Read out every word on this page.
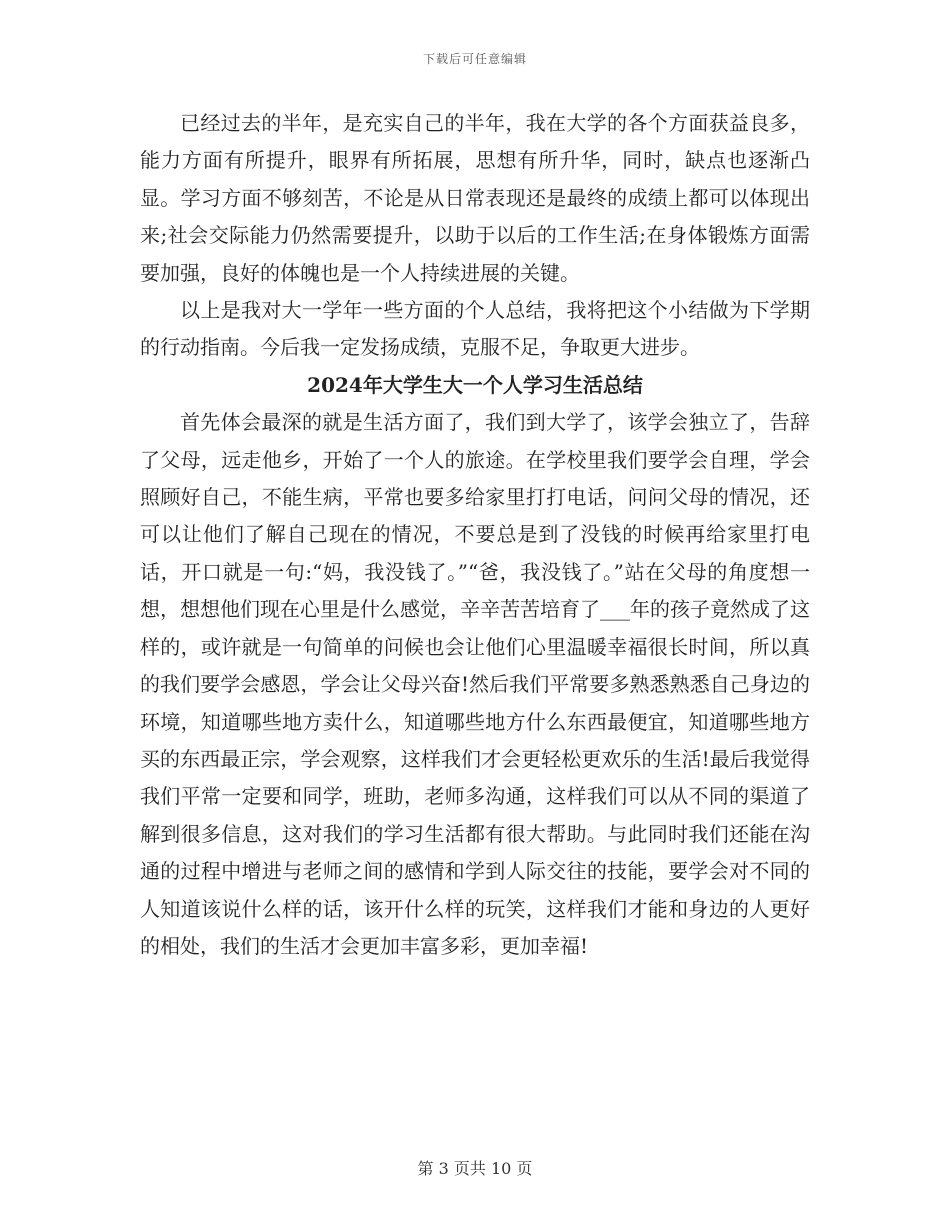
下载后可任意编辑

已经过去的半年，是充实自己的半年，我在大学的各个方面获益良多，能力方面有所提升，眼界有所拓展，思想有所升华，同时，缺点也逐渐凸显。学习方面不够刻苦，不论是从日常表现还是最终的成绩上都可以体现出来;社会交际能力仍然需要提升，以助于以后的工作生活;在身体锻炼方面需要加强，良好的体魄也是一个人持续进展的关键。

以上是我对大一学年一些方面的个人总结，我将把这个小结做为下学期的行动指南。今后我一定发扬成绩，克服不足，争取更大进步。

2024年大学生大一个人学习生活总结

首先体会最深的就是生活方面了，我们到大学了，该学会独立了，告辞了父母，远走他乡，开始了一个人的旅途。在学校里我们要学会自理，学会照顾好自己，不能生病，平常也要多给家里打打电话，问问父母的情况，还可以让他们了解自己现在的情况，不要总是到了没钱的时候再给家里打电话，开口就是一句:“妈，我没钱了。”“爸，我没钱了。”站在父母的角度想一想，想想他们现在心里是什么感觉，辛辛苦苦培育了___年的孩子竟然成了这样的，或许就是一句简单的问候也会让他们心里温暖幸福很长时间，所以真的我们要学会感恩，学会让父母兴奋!然后我们平常要多熟悉熟悉自己身边的环境，知道哪些地方卖什么，知道哪些地方什么东西最便宜，知道哪些地方买的东西最正宗，学会观察，这样我们才会更轻松更欢乐的生活!最后我觉得我们平常一定要和同学，班助，老师多沟通，这样我们可以从不同的渠道了解到很多信息，这对我们的学习生活都有很大帮助。与此同时我们还能在沟通的过程中增进与老师之间的感情和学到人际交往的技能，要学会对不同的人知道该说什么样的话，该开什么样的玩笑，这样我们才能和身边的人更好的相处，我们的生活才会更加丰富多彩，更加幸福!

第 3 页共 10 页
